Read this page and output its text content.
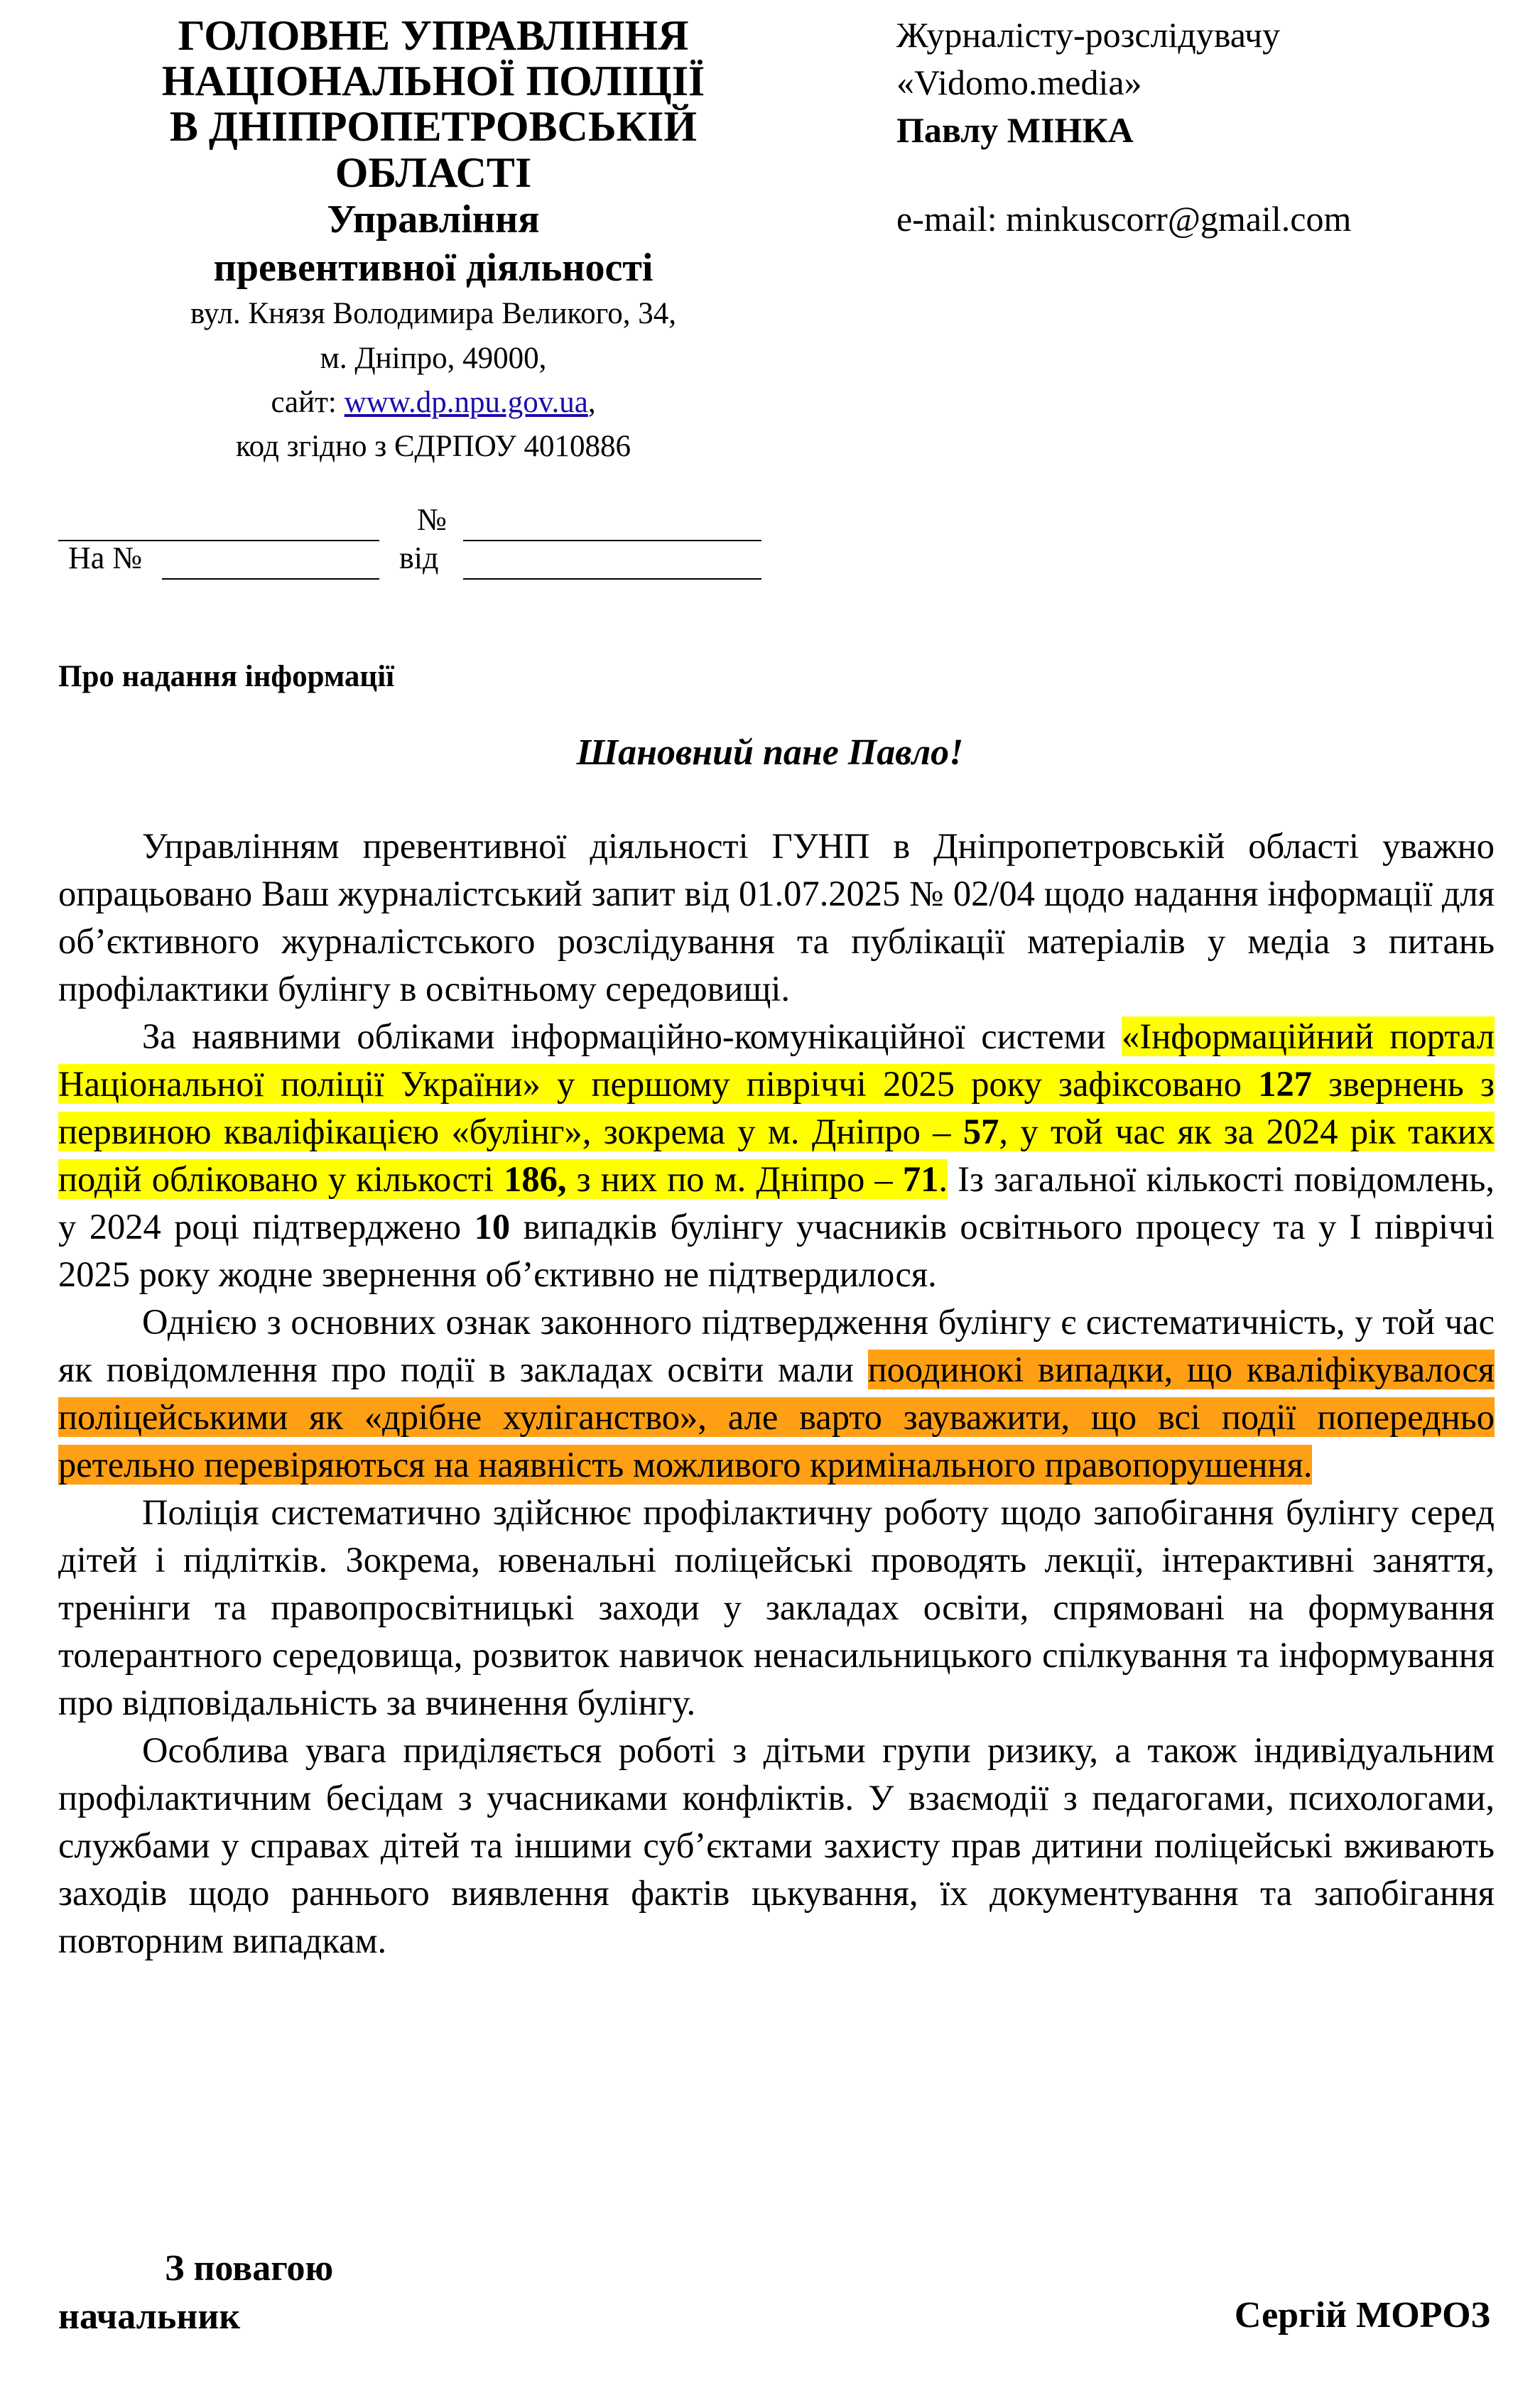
ГОЛОВНЕ УПРАВЛІННЯ
НАЦІОНАЛЬНОЇ ПОЛІЦІЇ
В ДНІПРОПЕТРОВСЬКІЙ
ОБЛАСТІ
Управління
превентивної діяльності
вул. Князя Володимира Великого, 34,
м. Дніпро, 49000,
сайт: www.dp.npu.gov.ua,
код згідно з ЄДРПОУ 4010886
№
На №	від
Журналісту-розслідувачу
«Vidomo.media»
Павлу МІНКА
e-mail: minkuscorr@gmail.com
Про надання інформації
Шановний пане Павло!

Управлінням превентивної діяльності ГУНП в Дніпропетровській області уважно опрацьовано Ваш журналістський запит від 01.07.2025 № 02/04 щодо надання інформації для об’єктивного журналістського розслідування та публікації матеріалів у медіа з питань профілактики булінгу в освітньому середовищі.

За наявними обліками інформаційно-комунікаційної системи «Інформаційний портал Національної поліції України» у першому півріччі 2025 року зафіксовано 127 звернень з первиною кваліфікацією «булінг», зокрема у м. Дніпро – 57, у той час як за 2024 рік таких подій обліковано у кількості 186, з них по м. Дніпро – 71. Із загальної кількості повідомлень, у 2024 році підтверджено 10 випадків булінгу учасників освітнього процесу та у І півріччі 2025 року жодне звернення об’єктивно не підтвердилося.

Однією з основних ознак законного підтвердження булінгу є систематичність, у той час як повідомлення про події в закладах освіти мали поодинокі випадки, що кваліфікувалося поліцейськими як «дрібне хуліганство», але варто зауважити, що всі події попередньо ретельно перевіряються на наявність можливого кримінального правопорушення.

Поліція систематично здійснює профілактичну роботу щодо запобігання булінгу серед дітей і підлітків. Зокрема, ювенальні поліцейські проводять лекції, інтерактивні заняття, тренінги та правопросвітницькі заходи у закладах освіти, спрямовані на формування толерантного середовища, розвиток навичок ненасильницького спілкування та інформування про відповідальність за вчинення булінгу.

Особлива увага приділяється роботі з дітьми групи ризику, а також індивідуальним профілактичним бесідам з учасниками конфліктів. У взаємодії з педагогами, психологами, службами у справах дітей та іншими суб’єктами захисту прав дитини поліцейські вживають заходів щодо раннього виявлення фактів цькування, їх документування та запобігання повторним випадкам.

З повагою
начальник	Сергій МОРОЗ
